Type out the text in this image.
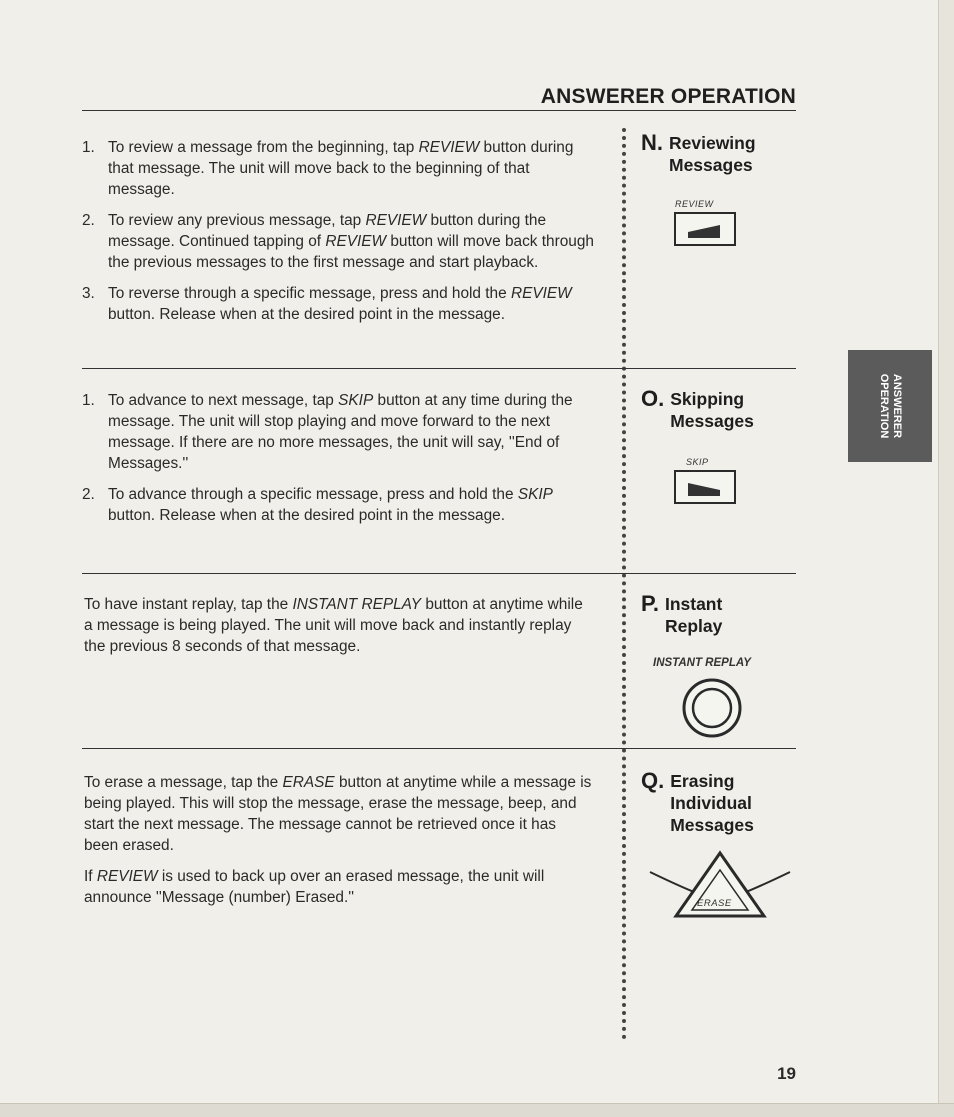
ANSWERER OPERATION
1. To review a message from the beginning, tap REVIEW button during that message. The unit will move back to the beginning of that message.
2. To review any previous message, tap REVIEW button during the message. Continued tapping of REVIEW button will move back through the previous messages to the first message and start playback.
3. To reverse through a specific message, press and hold the REVIEW button. Release when at the desired point in the message.
N. Reviewing
Messages
REVIEW
1. To advance to next message, tap SKIP button at any time during the message. The unit will stop playing and move forward to the next message. If there are no more messages, the unit will say, ''End of Messages.''
2. To advance through a specific message, press and hold the SKIP button. Release when at the desired point in the message.
O. Skipping
Messages
SKIP

To have instant replay, tap the INSTANT REPLAY button at anytime while a message is being played. The unit will move back and instantly replay the previous 8 seconds of that message.

P. Instant
Replay
INSTANT REPLAY

To erase a message, tap the ERASE button at anytime while a message is being played. This will stop the message, erase the message, beep, and start the next message. The message cannot be retrieved once it has been erased.

If REVIEW is used to back up over an erased message, the unit will announce ''Message (number) Erased.''

Q. Erasing
Individual
Messages
ERASE
ANSWERER
OPERATION
19
